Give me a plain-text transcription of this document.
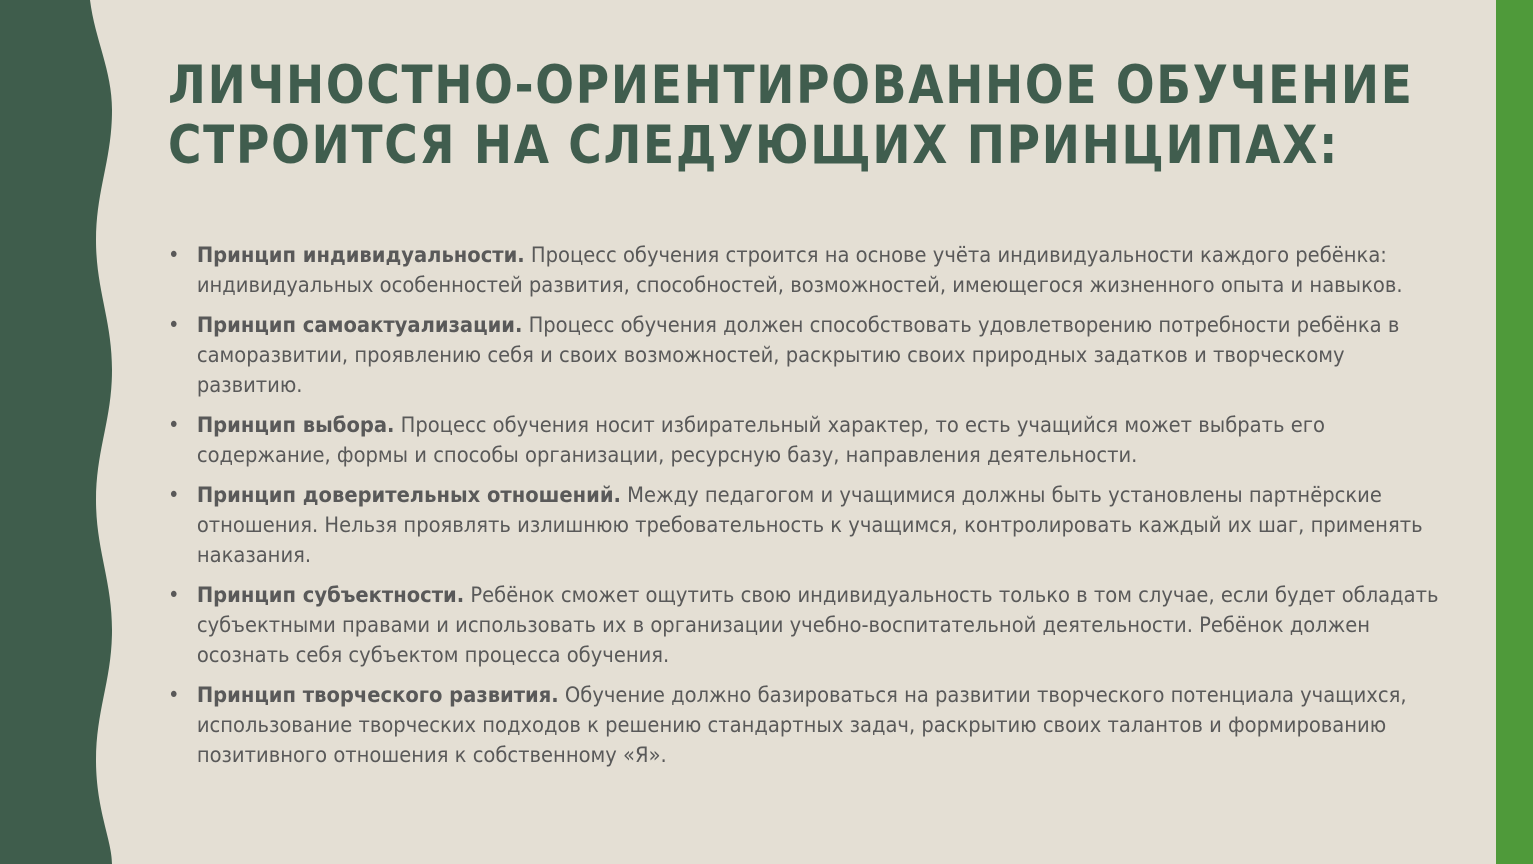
ЛИЧНОСТНО-ОРИЕНТИРОВАННОЕ ОБУЧЕНИЕ
СТРОИТСЯ НА СЛЕДУЮЩИХ ПРИНЦИПАХ:
• Принцип индивидуальности. Процесс обучения строится на основе учёта индивидуальности каждого ребёнка: индивидуальных особенностей развития, способностей, возможностей, имеющегося жизненного опыта и навыков.
• Принцип самоактуализации. Процесс обучения должен способствовать удовлетворению потребности ребёнка в саморазвитии, проявлению себя и своих возможностей, раскрытию своих природных задатков и творческому развитию.
• Принцип выбора. Процесс обучения носит избирательный характер, то есть учащийся может выбрать его содержание, формы и способы организации, ресурсную базу, направления деятельности.
• Принцип доверительных отношений. Между педагогом и учащимися должны быть установлены партнёрские отношения. Нельзя проявлять излишнюю требовательность к учащимся, контролировать каждый их шаг, применять наказания.
• Принцип субъектности. Ребёнок сможет ощутить свою индивидуальность только в том случае, если будет обладать субъектными правами и использовать их в организации учебно-воспитательной деятельности. Ребёнок должен осознать себя субъектом процесса обучения.
• Принцип творческого развития. Обучение должно базироваться на развитии творческого потенциала учащихся, использование творческих подходов к решению стандартных задач, раскрытию своих талантов и формированию позитивного отношения к собственному «Я».
